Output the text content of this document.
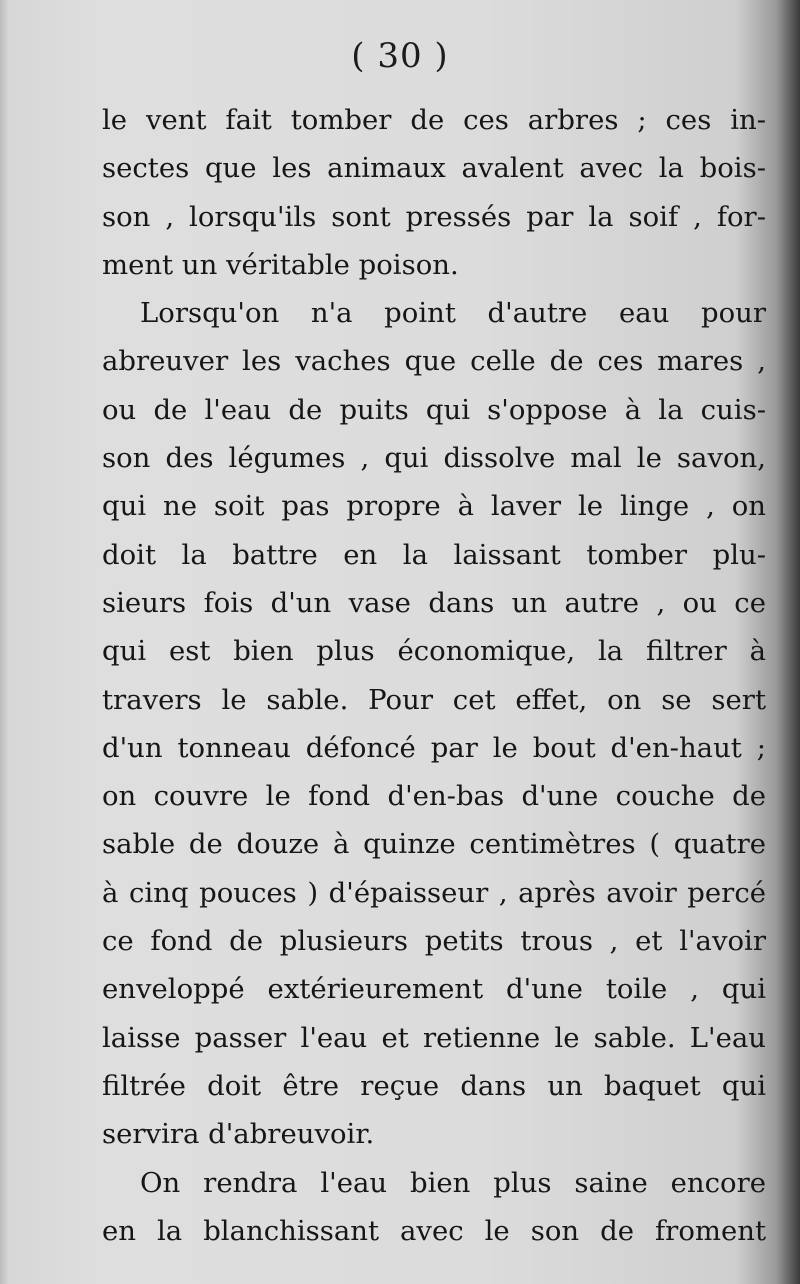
( 30 )
le vent fait tomber de ces arbres ; ces in-
sectes que les animaux avalent avec la bois-
son , lorsqu'ils sont pressés par la soif , for-
ment un véritable poison.
Lorsqu'on n'a point d'autre eau pour
abreuver les vaches que celle de ces mares ,
ou de l'eau de puits qui s'oppose à la cuis-
son des légumes , qui dissolve mal le savon,
qui ne soit pas propre à laver le linge , on
doit la battre en la laissant tomber plu-
sieurs fois d'un vase dans un autre , ou ce
qui est bien plus économique, la filtrer à
travers le sable. Pour cet effet, on se sert
d'un tonneau défoncé par le bout d'en-haut ;
on couvre le fond d'en-bas d'une couche de
sable de douze à quinze centimètres ( quatre
à cinq pouces ) d'épaisseur , après avoir percé
ce fond de plusieurs petits trous , et l'avoir
enveloppé extérieurement d'une toile , qui
laisse passer l'eau et retienne le sable. L'eau
filtrée doit être reçue dans un baquet qui
servira d'abreuvoir.
On rendra l'eau bien plus saine encore
en la blanchissant avec le son de froment
